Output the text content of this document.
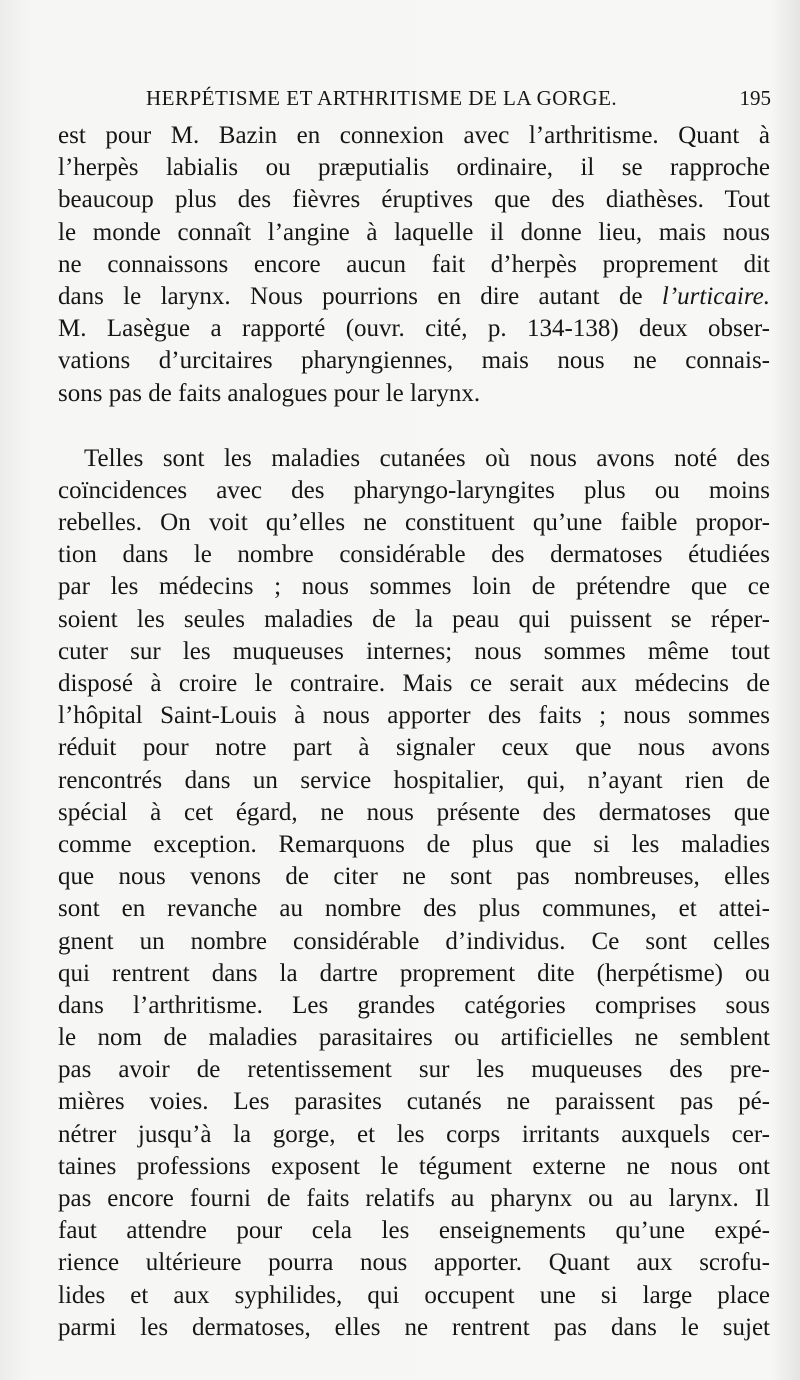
HERPÉTISME ET ARTHRITISME DE LA GORGE.	195
est pour M. Bazin en connexion avec l’arthritisme. Quant à
l’herpès labialis ou præputialis ordinaire, il se rapproche
beaucoup plus des fièvres éruptives que des diathèses. Tout
le monde connaît l’angine à laquelle il donne lieu, mais nous
ne connaissons encore aucun fait d’herpès proprement dit
dans le larynx. Nous pourrions en dire autant de l’urticaire.
M. Lasègue a rapporté (ouvr. cité, p. 134-138) deux obser-
vations d’urcitaires pharyngiennes, mais nous ne connais-
sons pas de faits analogues pour le larynx.
Telles sont les maladies cutanées où nous avons noté des
coïncidences avec des pharyngo-laryngites plus ou moins
rebelles. On voit qu’elles ne constituent qu’une faible propor-
tion dans le nombre considérable des dermatoses étudiées
par les médecins ; nous sommes loin de prétendre que ce
soient les seules maladies de la peau qui puissent se réper-
cuter sur les muqueuses internes; nous sommes même tout
disposé à croire le contraire. Mais ce serait aux médecins de
l’hôpital Saint-Louis à nous apporter des faits ; nous sommes
réduit pour notre part à signaler ceux que nous avons
rencontrés dans un service hospitalier, qui, n’ayant rien de
spécial à cet égard, ne nous présente des dermatoses que
comme exception. Remarquons de plus que si les maladies
que nous venons de citer ne sont pas nombreuses, elles
sont en revanche au nombre des plus communes, et attei-
gnent un nombre considérable d’individus. Ce sont celles
qui rentrent dans la dartre proprement dite (herpétisme) ou
dans l’arthritisme. Les grandes catégories comprises sous
le nom de maladies parasitaires ou artificielles ne semblent
pas avoir de retentissement sur les muqueuses des pre-
mières voies. Les parasites cutanés ne paraissent pas pé-
nétrer jusqu’à la gorge, et les corps irritants auxquels cer-
taines professions exposent le tégument externe ne nous ont
pas encore fourni de faits relatifs au pharynx ou au larynx. Il
faut attendre pour cela les enseignements qu’une expé-
rience ultérieure pourra nous apporter. Quant aux scrofu-
lides et aux syphilides, qui occupent une si large place
parmi les dermatoses, elles ne rentrent pas dans le sujet
